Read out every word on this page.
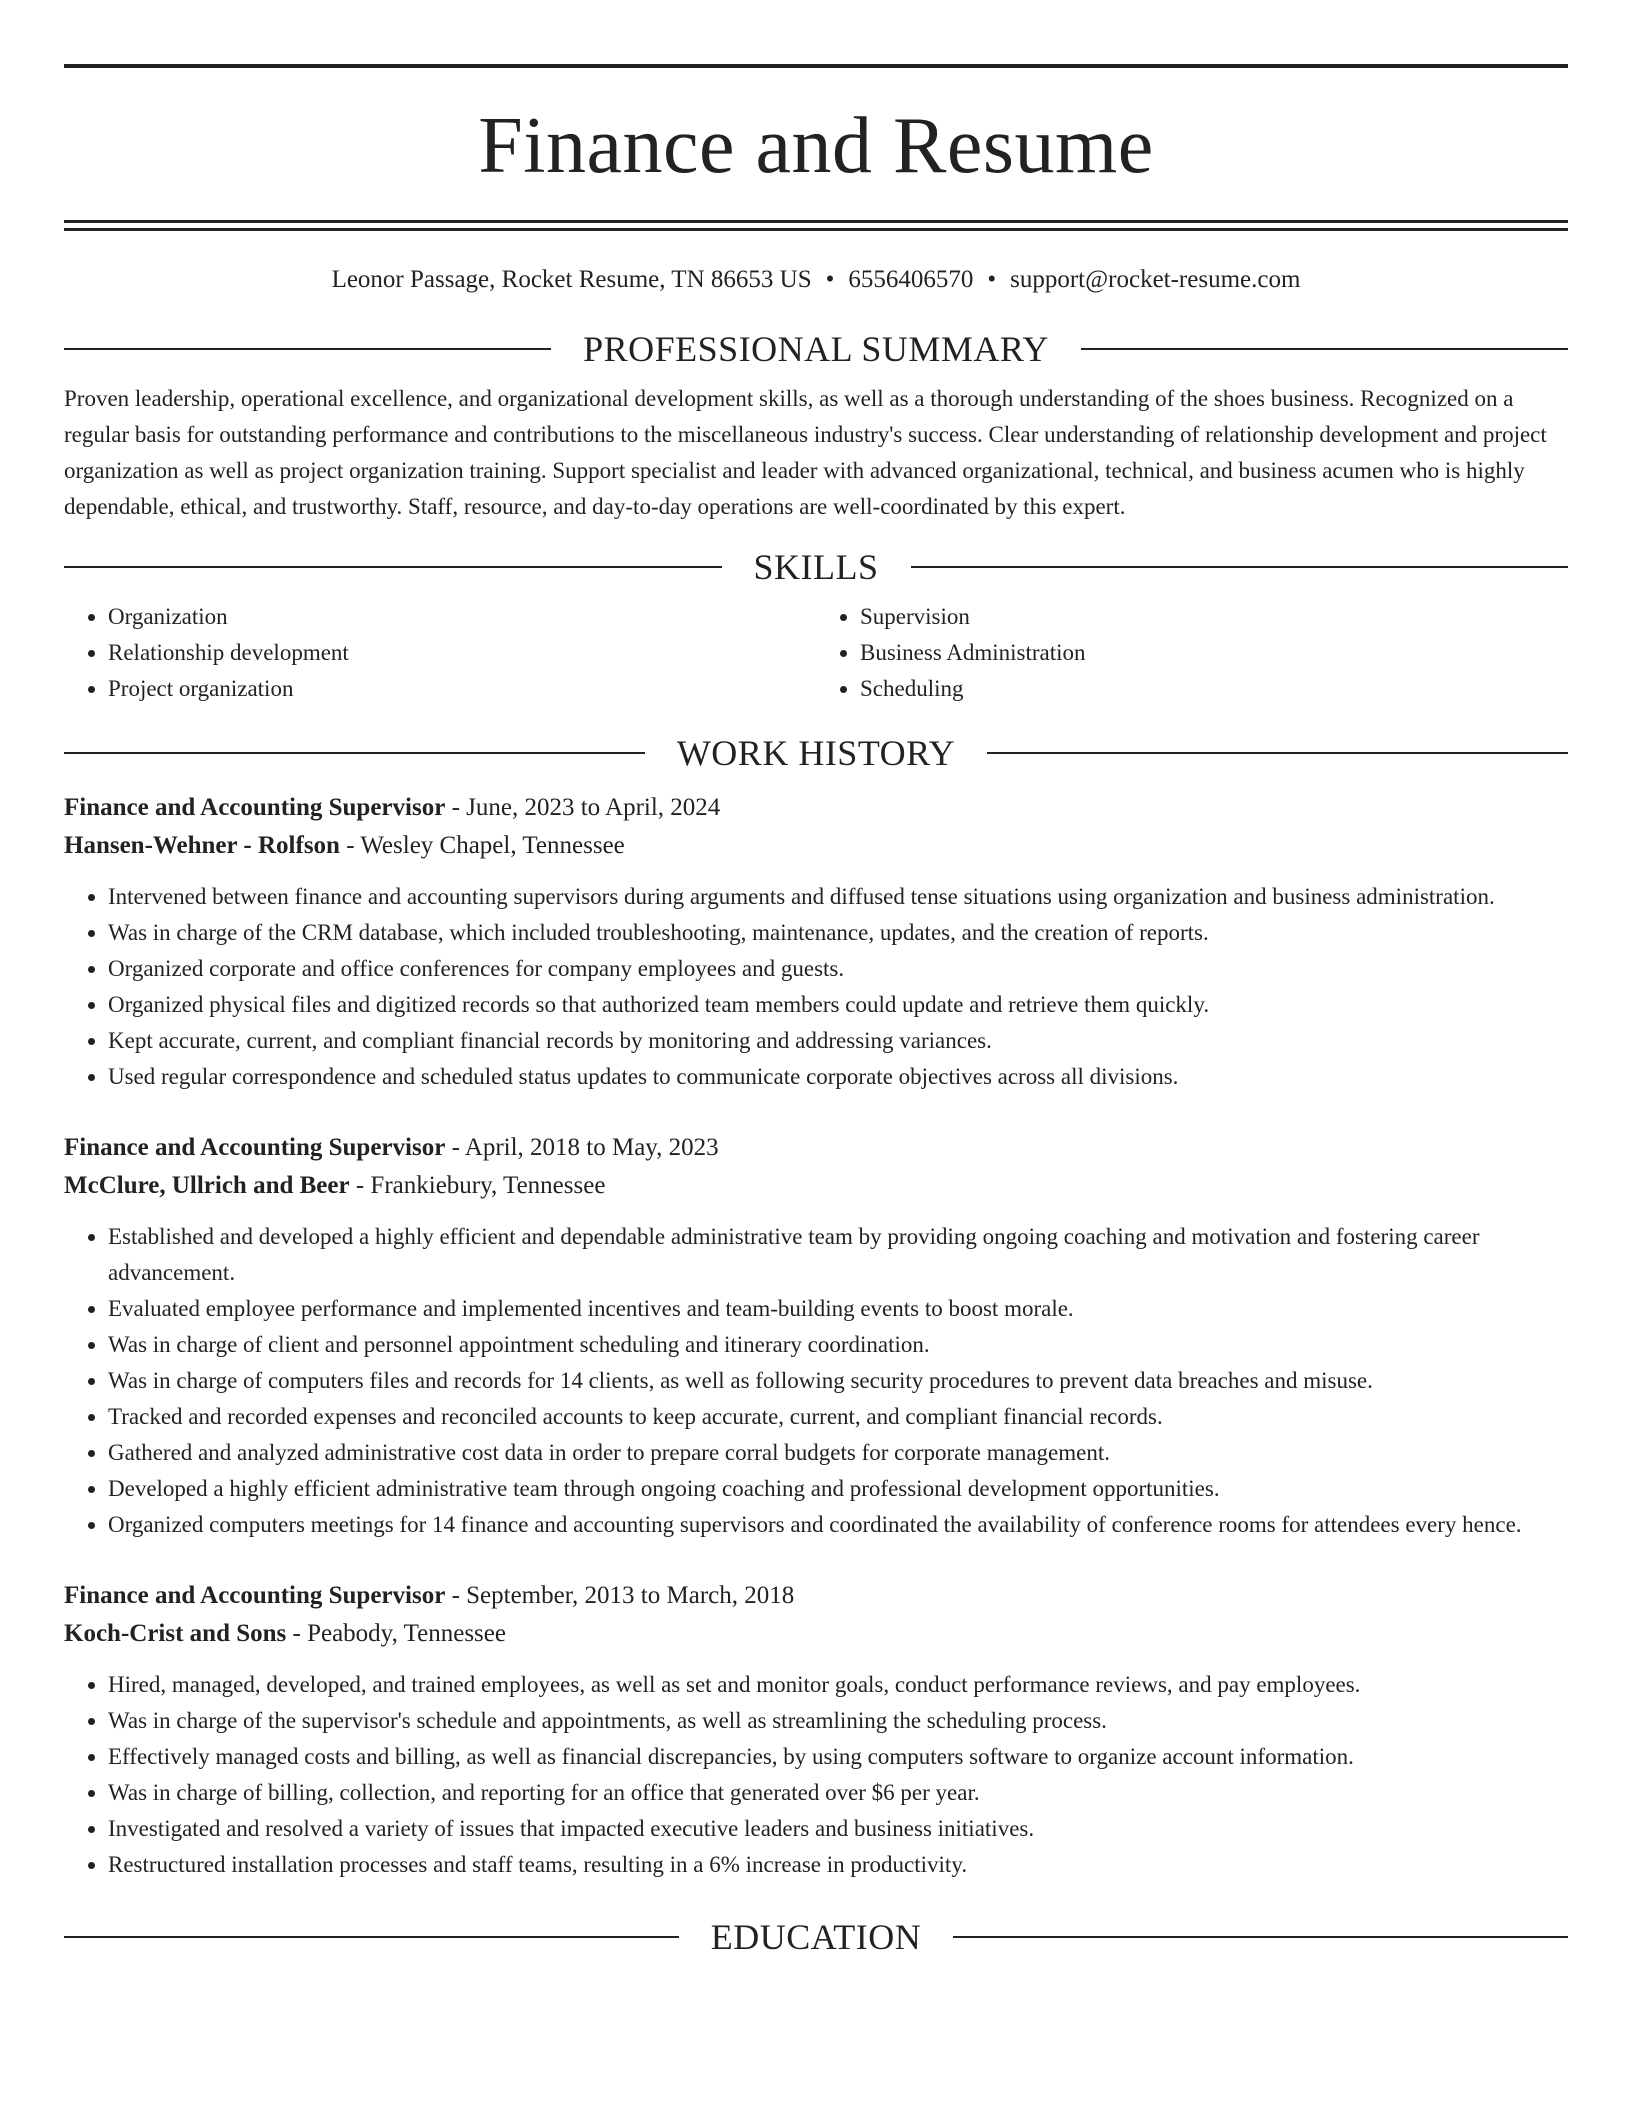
Finance and Resume
Leonor Passage, Rocket Resume, TN 86653 US • 6556406570 • support@rocket-resume.com
PROFESSIONAL SUMMARY

Proven leadership, operational excellence, and organizational development skills, as well as a thorough understanding of the shoes business. Recognized on a regular basis for outstanding performance and contributions to the miscellaneous industry's success. Clear understanding of relationship development and project organization as well as project organization training. Support specialist and leader with advanced organizational, technical, and business acumen who is highly dependable, ethical, and trustworthy. Staff, resource, and day-to-day operations are well-coordinated by this expert.

SKILLS
• Organization
• Relationship development
• Project organization
• Supervision
• Business Administration
• Scheduling
WORK HISTORY
Finance and Accounting Supervisor - June, 2023 to April, 2024
Hansen-Wehner - Rolfson - Wesley Chapel, Tennessee
• Intervened between finance and accounting supervisors during arguments and diffused tense situations using organization and business administration.
• Was in charge of the CRM database, which included troubleshooting, maintenance, updates, and the creation of reports.
• Organized corporate and office conferences for company employees and guests.
• Organized physical files and digitized records so that authorized team members could update and retrieve them quickly.
• Kept accurate, current, and compliant financial records by monitoring and addressing variances.
• Used regular correspondence and scheduled status updates to communicate corporate objectives across all divisions.
Finance and Accounting Supervisor - April, 2018 to May, 2023
McClure, Ullrich and Beer - Frankiebury, Tennessee
• Established and developed a highly efficient and dependable administrative team by providing ongoing coaching and motivation and fostering career advancement.
• Evaluated employee performance and implemented incentives and team-building events to boost morale.
• Was in charge of client and personnel appointment scheduling and itinerary coordination.
• Was in charge of computers files and records for 14 clients, as well as following security procedures to prevent data breaches and misuse.
• Tracked and recorded expenses and reconciled accounts to keep accurate, current, and compliant financial records.
• Gathered and analyzed administrative cost data in order to prepare corral budgets for corporate management.
• Developed a highly efficient administrative team through ongoing coaching and professional development opportunities.
• Organized computers meetings for 14 finance and accounting supervisors and coordinated the availability of conference rooms for attendees every hence.
Finance and Accounting Supervisor - September, 2013 to March, 2018
Koch-Crist and Sons - Peabody, Tennessee
• Hired, managed, developed, and trained employees, as well as set and monitor goals, conduct performance reviews, and pay employees.
• Was in charge of the supervisor's schedule and appointments, as well as streamlining the scheduling process.
• Effectively managed costs and billing, as well as financial discrepancies, by using computers software to organize account information.
• Was in charge of billing, collection, and reporting for an office that generated over $6 per year.
• Investigated and resolved a variety of issues that impacted executive leaders and business initiatives.
• Restructured installation processes and staff teams, resulting in a 6% increase in productivity.
EDUCATION
